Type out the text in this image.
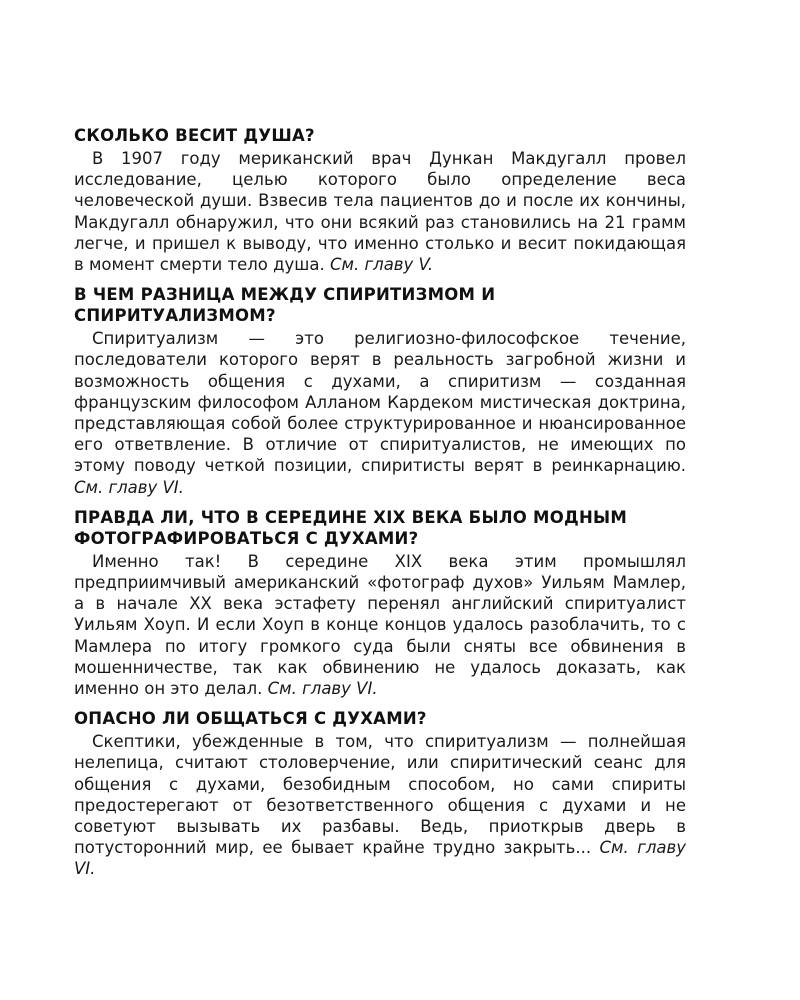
СКОЛЬКО ВЕСИТ ДУША?

В 1907 году мериканский врач Дункан Макдугалл провел исследование, целью которого было определение веса человеческой души. Взвесив тела пациентов до и после их кончины, Макдугалл обнаружил, что они всякий раз становились на 21 грамм легче, и пришел к выводу, что именно столько и весит покидающая в момент смерти тело душа. См. главу V.

В ЧЕМ РАЗНИЦА МЕЖДУ СПИРИТИЗМОМ И СПИРИТУАЛИЗМОМ?

Спиритуализм — это религиозно-философское течение, последователи которого верят в реальность загробной жизни и возможность общения с духами, а спиритизм — созданная французским философом Алланом Кардеком мистическая доктрина, представляющая собой более структурированное и нюансированное его ответвление. В отличие от спиритуалистов, не имеющих по этому поводу четкой позиции, спиритисты верят в реинкарнацию. См. главу VI.

ПРАВДА ЛИ, ЧТО В СЕРЕДИНЕ XIX ВЕКА БЫЛО МОДНЫМ ФОТОГРАФИРОВАТЬСЯ С ДУХАМИ?

Именно так! В середине XIX века этим промышлял предприимчивый американский «фотограф духов» Уильям Мамлер, а в начале XX века эстафету перенял английский спиритуалист Уильям Хоуп. И если Хоуп в конце концов удалось разоблачить, то с Мамлера по итогу громкого суда были сняты все обвинения в мошенничестве, так как обвинению не удалось доказать, как именно он это делал. См. главу VI.

ОПАСНО ЛИ ОБЩАТЬСЯ С ДУХАМИ?

Скептики, убежденные в том, что спиритуализм — полнейшая нелепица, считают столоверчение, или спиритический сеанс для общения с духами, безобидным способом, но сами спириты предостерегают от безответственного общения с духами и не советуют вызывать их разбавы. Ведь, приоткрыв дверь в потусторонний мир, ее бывает крайне трудно закрыть... См. главу VI.
